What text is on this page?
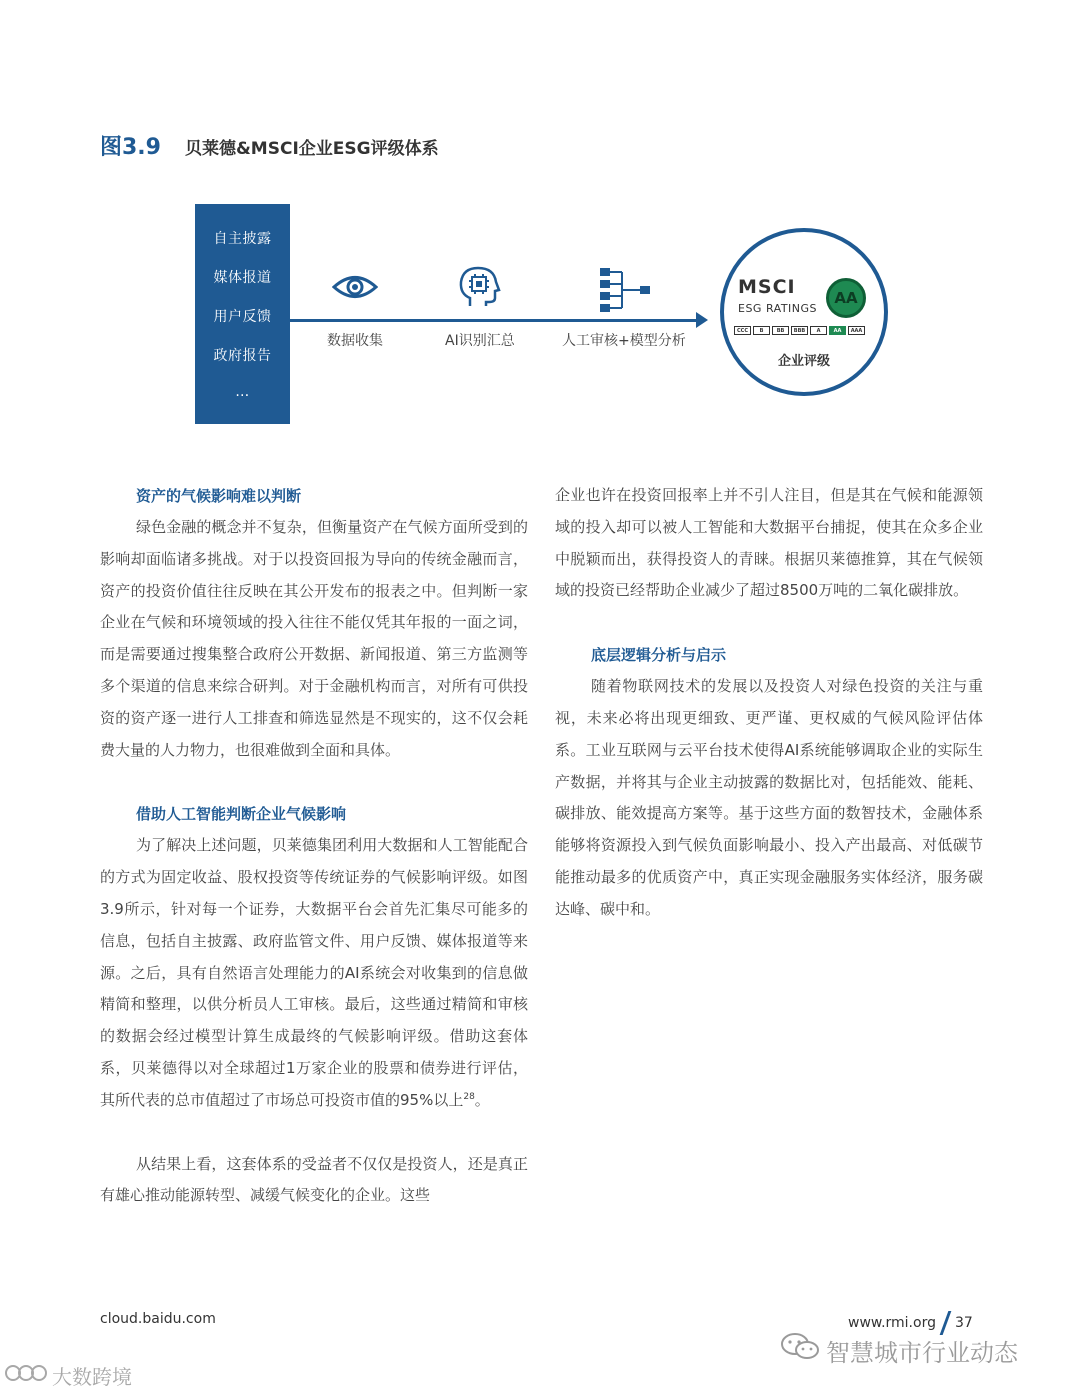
图3.9 贝莱德&MSCI企业ESG评级体系
自主披露
媒体报道
用户反馈
政府报告
…
数据收集	AI识别汇总	人工审核+模型分析
MSCI
ESG RATINGS
AA
CCC	B	BB	BBB	A	AA	AAA
企业评级
资产的气候影响难以判断

绿色金融的概念并不复杂，但衡量资产在气候方面所受到的影响却面临诸多挑战。对于以投资回报为导向的传统金融而言，资产的投资价值往往反映在其公开发布的报表之中。但判断一家企业在气候和环境领域的投入往往不能仅凭其年报的一面之词，而是需要通过搜集整合政府公开数据、新闻报道、第三方监测等多个渠道的信息来综合研判。对于金融机构而言，对所有可供投资的资产逐一进行人工排查和筛选显然是不现实的，这不仅会耗费大量的人力物力，也很难做到全面和具体。

借助人工智能判断企业气候影响

为了解决上述问题，贝莱德集团利用大数据和人工智能配合的方式为固定收益、股权投资等传统证券的气候影响评级。如图3.9所示，针对每一个证券，大数据平台会首先汇集尽可能多的信息，包括自主披露、政府监管文件、用户反馈、媒体报道等来源。之后，具有自然语言处理能力的AI系统会对收集到的信息做精简和整理，以供分析员人工审核。最后，这些通过精简和审核的数据会经过模型计算生成最终的气候影响评级。借助这套体系，贝莱德得以对全球超过1万家企业的股票和债券进行评估，其所代表的总市值超过了市场总可投资市值的95%以上$^{28}$。

从结果上看，这套体系的受益者不仅仅是投资人，还是真正有雄心推动能源转型、减缓气候变化的企业。这些

企业也许在投资回报率上并不引人注目，但是其在气候和能源领域的投入却可以被人工智能和大数据平台捕捉，使其在众多企业中脱颖而出，获得投资人的青睐。根据贝莱德推算，其在气候领域的投资已经帮助企业减少了超过8500万吨的二氧化碳排放。

底层逻辑分析与启示

随着物联网技术的发展以及投资人对绿色投资的关注与重视，未来必将出现更细致、更严谨、更权威的气候风险评估体系。工业互联网与云平台技术使得AI系统能够调取企业的实际生产数据，并将其与企业主动披露的数据比对，包括能效、能耗、碳排放、能效提高方案等。基于这些方面的数智技术，金融体系能够将资源投入到气候负面影响最小、投入产出最高、对低碳节能推动最多的优质资产中，真正实现金融服务实体经济，服务碳达峰、碳中和。

cloud.baidu.com	www.rmi.org 37
智慧城市行业动态
大数跨境
